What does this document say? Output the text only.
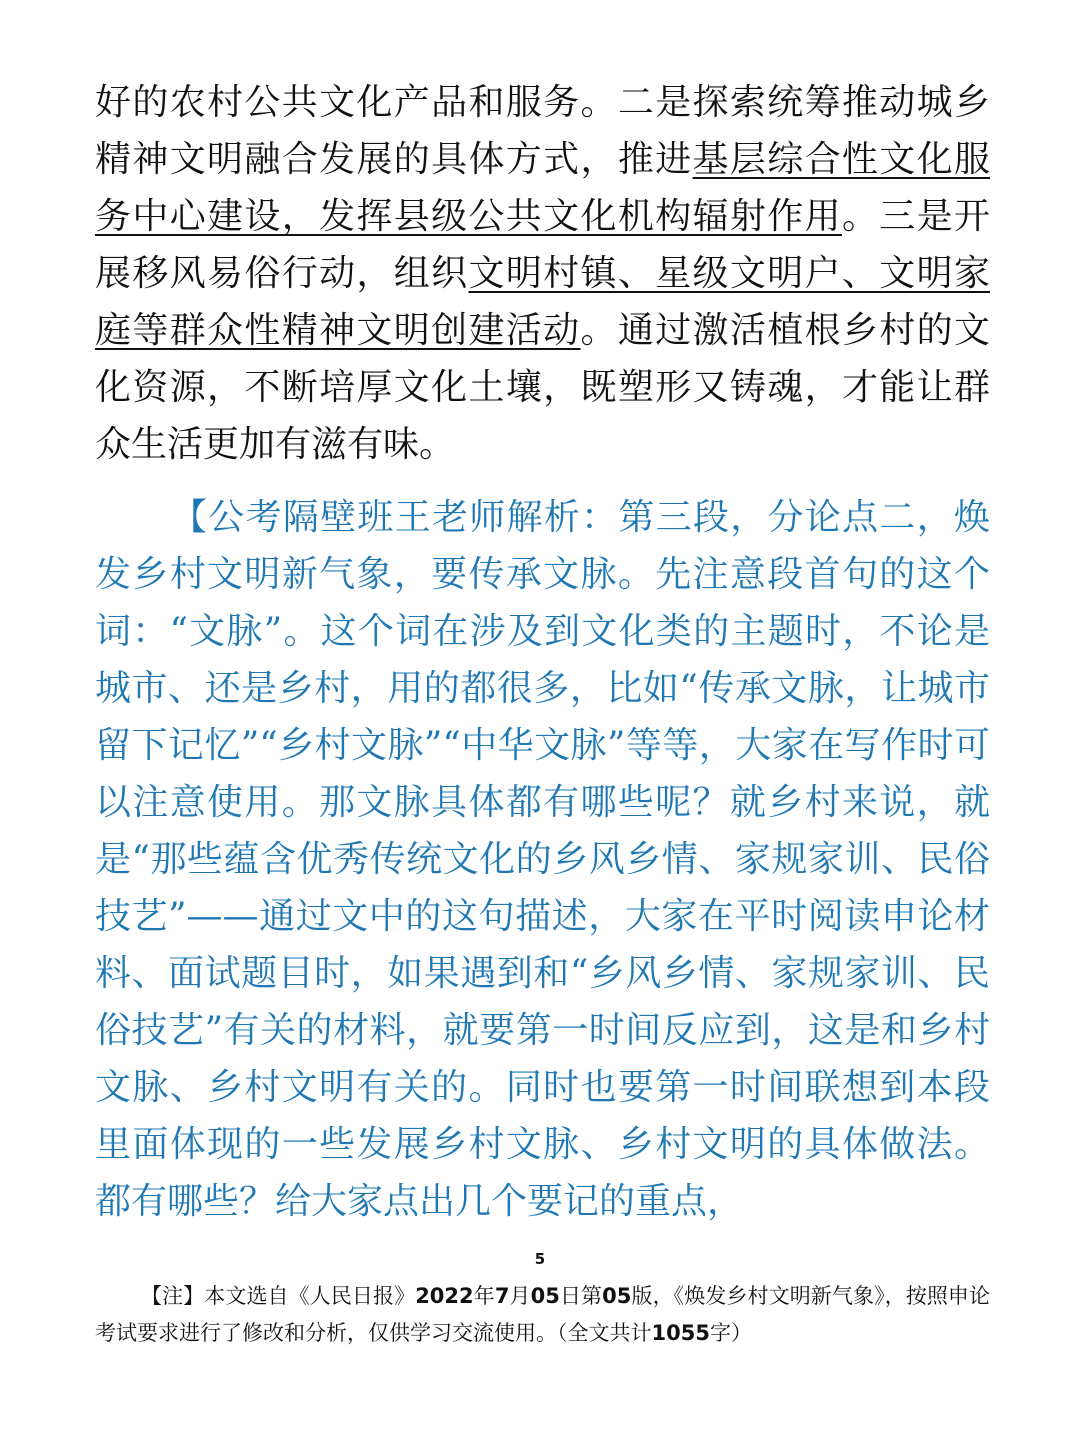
好的农村公共文化产品和服务。二是探索统筹推动城乡精神文明融合发展的具体方式，推进基层综合性文化服务中心建设，发挥县级公共文化机构辐射作用。三是开展移风易俗行动，组织文明村镇、星级文明户、文明家庭等群众性精神文明创建活动。通过激活植根乡村的文化资源，不断培厚文化土壤，既塑形又铸魂，才能让群众生活更加有滋有味。

【公考隔壁班王老师解析：第三段，分论点二，焕发乡村文明新气象，要传承文脉。先注意段首句的这个词：“文脉”。这个词在涉及到文化类的主题时，不论是城市、还是乡村，用的都很多，比如“传承文脉，让城市留下记忆”“乡村文脉”“中华文脉”等等，大家在写作时可以注意使用。那文脉具体都有哪些呢？就乡村来说，就是“那些蕴含优秀传统文化的乡风乡情、家规家训、民俗技艺”——通过文中的这句描述，大家在平时阅读申论材料、面试题目时，如果遇到和“乡风乡情、家规家训、民俗技艺”有关的材料，就要第一时间反应到，这是和乡村文脉、乡村文明有关的。同时也要第一时间联想到本段里面体现的一些发展乡村文脉、乡村文明的具体做法。都有哪些？给大家点出几个要记的重点，

5

【注】本文选自《人民日报》2022年7月05日第05版，《焕发乡村文明新气象》，按照申论考试要求进行了修改和分析，仅供学习交流使用。（全文共计1055字）
